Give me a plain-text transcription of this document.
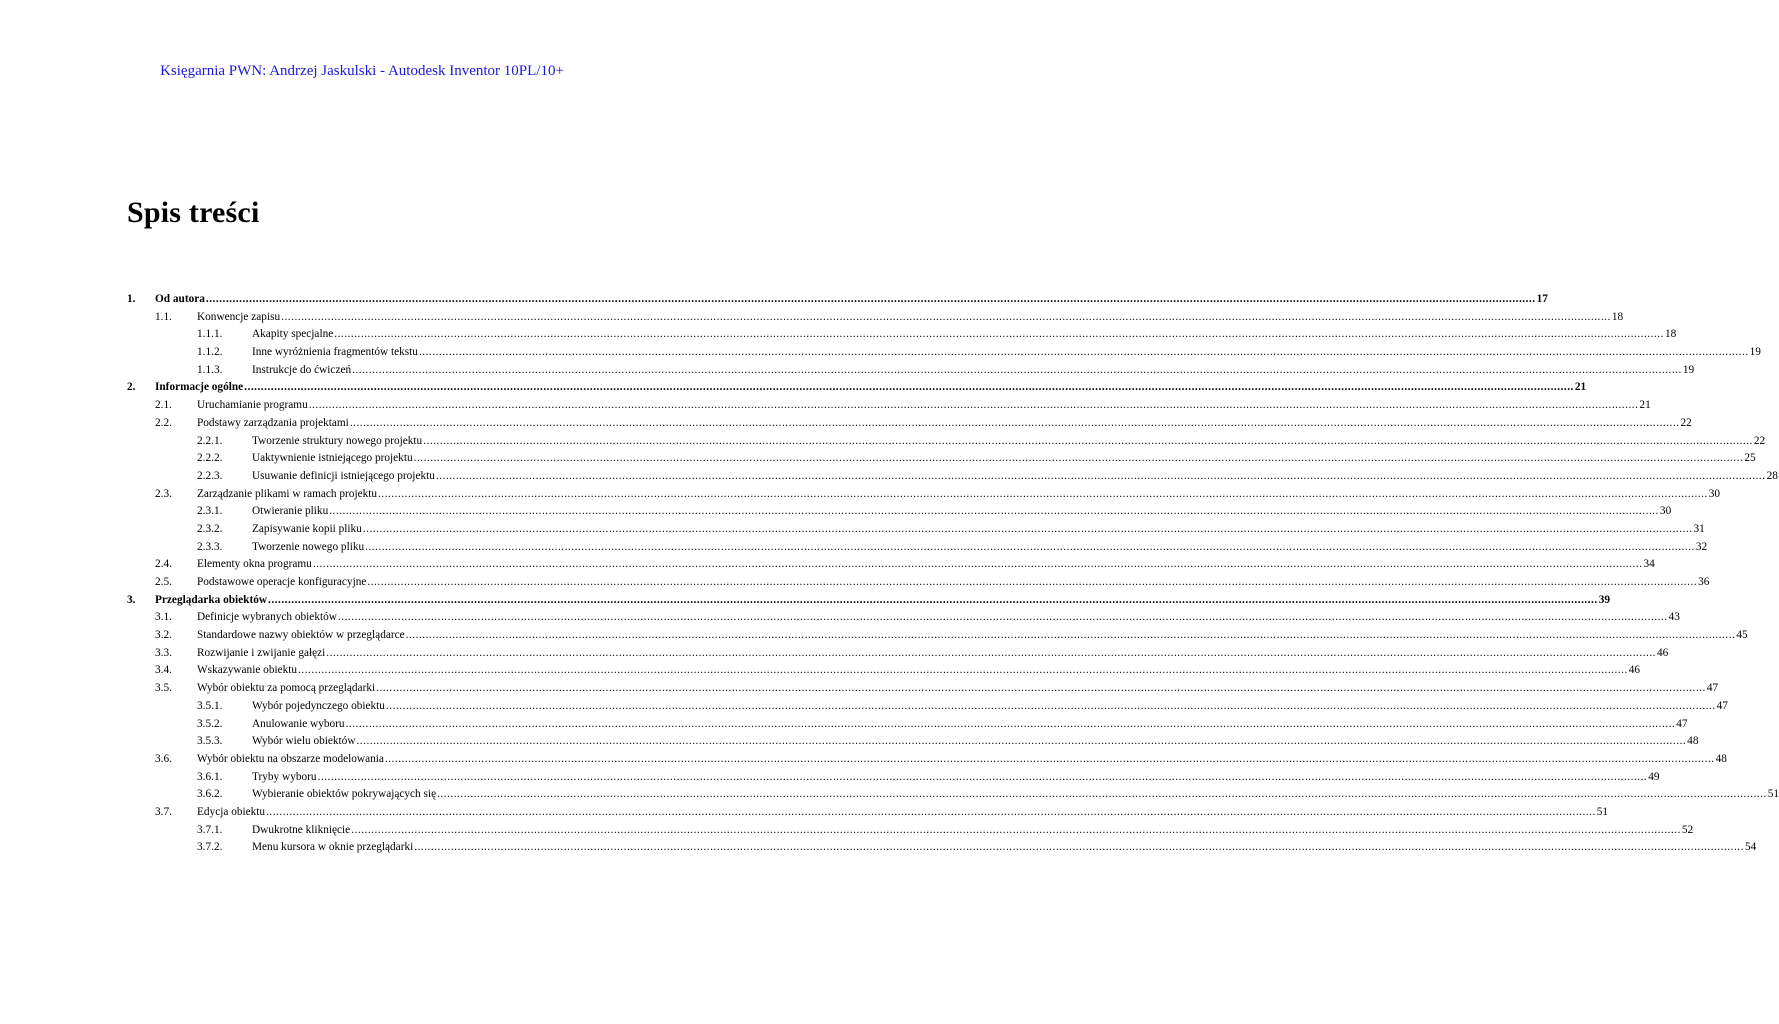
Księgarnia PWN: Andrzej Jaskulski - Autodesk Inventor 10PL/10+
Spis treści
1. Od autora ................................................................................................................................................................................................................................................................................................................................................................................................................ 17
1.1. Konwencje zapisu ................................................................................................................................................................................................................................................................................................................................................................................................................ 18
1.1.1.	Akapity specjalne ................................................................................................................................................................................................................................................................................................................................................................................................................ 18
1.1.2.	Inne wyróżnienia fragmentów tekstu ................................................................................................................................................................................................................................................................................................................................................................................................................ 19
1.1.3.	Instrukcje do ćwiczeń ................................................................................................................................................................................................................................................................................................................................................................................................................ 19
2. Informacje ogólne ................................................................................................................................................................................................................................................................................................................................................................................................................ 21
2.1. Uruchamianie programu ................................................................................................................................................................................................................................................................................................................................................................................................................ 21
2.2. Podstawy zarządzania projektami ................................................................................................................................................................................................................................................................................................................................................................................................................ 22
2.2.1.	Tworzenie struktury nowego projektu ................................................................................................................................................................................................................................................................................................................................................................................................................ 22
2.2.2.	Uaktywnienie istniejącego projektu ................................................................................................................................................................................................................................................................................................................................................................................................................ 25
2.2.3.	Usuwanie definicji istniejącego projektu ................................................................................................................................................................................................................................................................................................................................................................................................................ 28
2.3. Zarządzanie plikami w ramach projektu ................................................................................................................................................................................................................................................................................................................................................................................................................ 30
2.3.1.	Otwieranie pliku ................................................................................................................................................................................................................................................................................................................................................................................................................ 30
2.3.2.	Zapisywanie kopii pliku ................................................................................................................................................................................................................................................................................................................................................................................................................ 31
2.3.3.	Tworzenie nowego pliku ................................................................................................................................................................................................................................................................................................................................................................................................................ 32
2.4. Elementy okna programu ................................................................................................................................................................................................................................................................................................................................................................................................................ 34
2.5. Podstawowe operacje konfiguracyjne ................................................................................................................................................................................................................................................................................................................................................................................................................ 36
3. Przeglądarka obiektów ................................................................................................................................................................................................................................................................................................................................................................................................................ 39
3.1. Definicje wybranych obiektów ................................................................................................................................................................................................................................................................................................................................................................................................................ 43
3.2. Standardowe nazwy obiektów w przeglądarce ................................................................................................................................................................................................................................................................................................................................................................................................................ 45
3.3. Rozwijanie i zwijanie gałęzi ................................................................................................................................................................................................................................................................................................................................................................................................................ 46
3.4. Wskazywanie obiektu ................................................................................................................................................................................................................................................................................................................................................................................................................ 46
3.5. Wybór obiektu za pomocą przeglądarki ................................................................................................................................................................................................................................................................................................................................................................................................................ 47
3.5.1.	Wybór pojedynczego obiektu ................................................................................................................................................................................................................................................................................................................................................................................................................ 47
3.5.2.	Anulowanie wyboru ................................................................................................................................................................................................................................................................................................................................................................................................................ 47
3.5.3.	Wybór wielu obiektów ................................................................................................................................................................................................................................................................................................................................................................................................................ 48
3.6. Wybór obiektu na obszarze modelowania ................................................................................................................................................................................................................................................................................................................................................................................................................ 48
3.6.1.	Tryby wyboru ................................................................................................................................................................................................................................................................................................................................................................................................................ 49
3.6.2.	Wybieranie obiektów pokrywających się ................................................................................................................................................................................................................................................................................................................................................................................................................ 51
3.7. Edycja obiektu ................................................................................................................................................................................................................................................................................................................................................................................................................ 51
3.7.1.	Dwukrotne kliknięcie ................................................................................................................................................................................................................................................................................................................................................................................................................ 52
3.7.2.	Menu kursora w oknie przeglądarki ................................................................................................................................................................................................................................................................................................................................................................................................................ 54
